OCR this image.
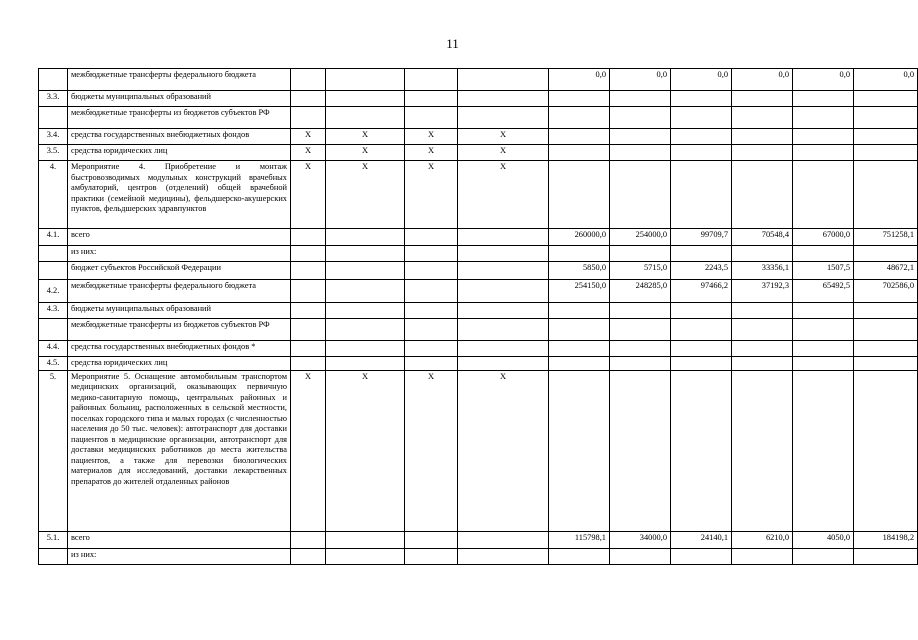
11
	межбюджетные трансферты федерального бюджета					0,0	0,0	0,0	0,0	0,0	0,0
3.3.	бюджеты муниципальных образований										
	межбюджетные трансферты из бюджетов субъектов РФ										
3.4.	средства государственных внебюджетных фондов	X	X	X	X						
3.5.	средства юридических лиц	X	X	X	X						
4.	Мероприятие 4. Приобретение и монтаж быстровозводимых модульных конструкций врачебных амбулаторий, центров (отделений) общей врачебной практики (семейной медицины), фельдшерско-акушерских пунктов, фельдшерских здравпунктов	X	X	X	X						
4.1.	всего					260000,0	254000,0	99709,7	70548,4	67000,0	751258,1
	из них:										
	бюджет субъектов Российской Федерации					5850,0	5715,0	2243,5	33356,1	1507,5	48672,1
4.2.	межбюджетные трансферты федерального бюджета					254150,0	248285,0	97466,2	37192,3	65492,5	702586,0
4.3.	бюджеты муниципальных образований										
	межбюджетные трансферты из бюджетов субъектов РФ										
4.4.	средства государственных внебюджетных фондов *										
4.5.	средства юридических лиц										
5.	Мероприятие 5. Оснащение автомобильным транспортом медицинских организаций, оказывающих первичную медико-санитарную помощь, центральных районных и районных больниц, расположенных в сельской местности, поселках городского типа и малых городах (с численностью населения до 50 тыс. человек): автотранспорт для доставки пациентов в медицинские организации, автотранспорт для доставки медицинских работников до места жительства пациентов, а также для перевозки биологических материалов для исследований, доставки лекарственных препаратов до жителей отдаленных районов	X	X	X	X						
5.1.	всего					115798,1	34000,0	24140,1	6210,0	4050,0	184198,2
	из них:										
